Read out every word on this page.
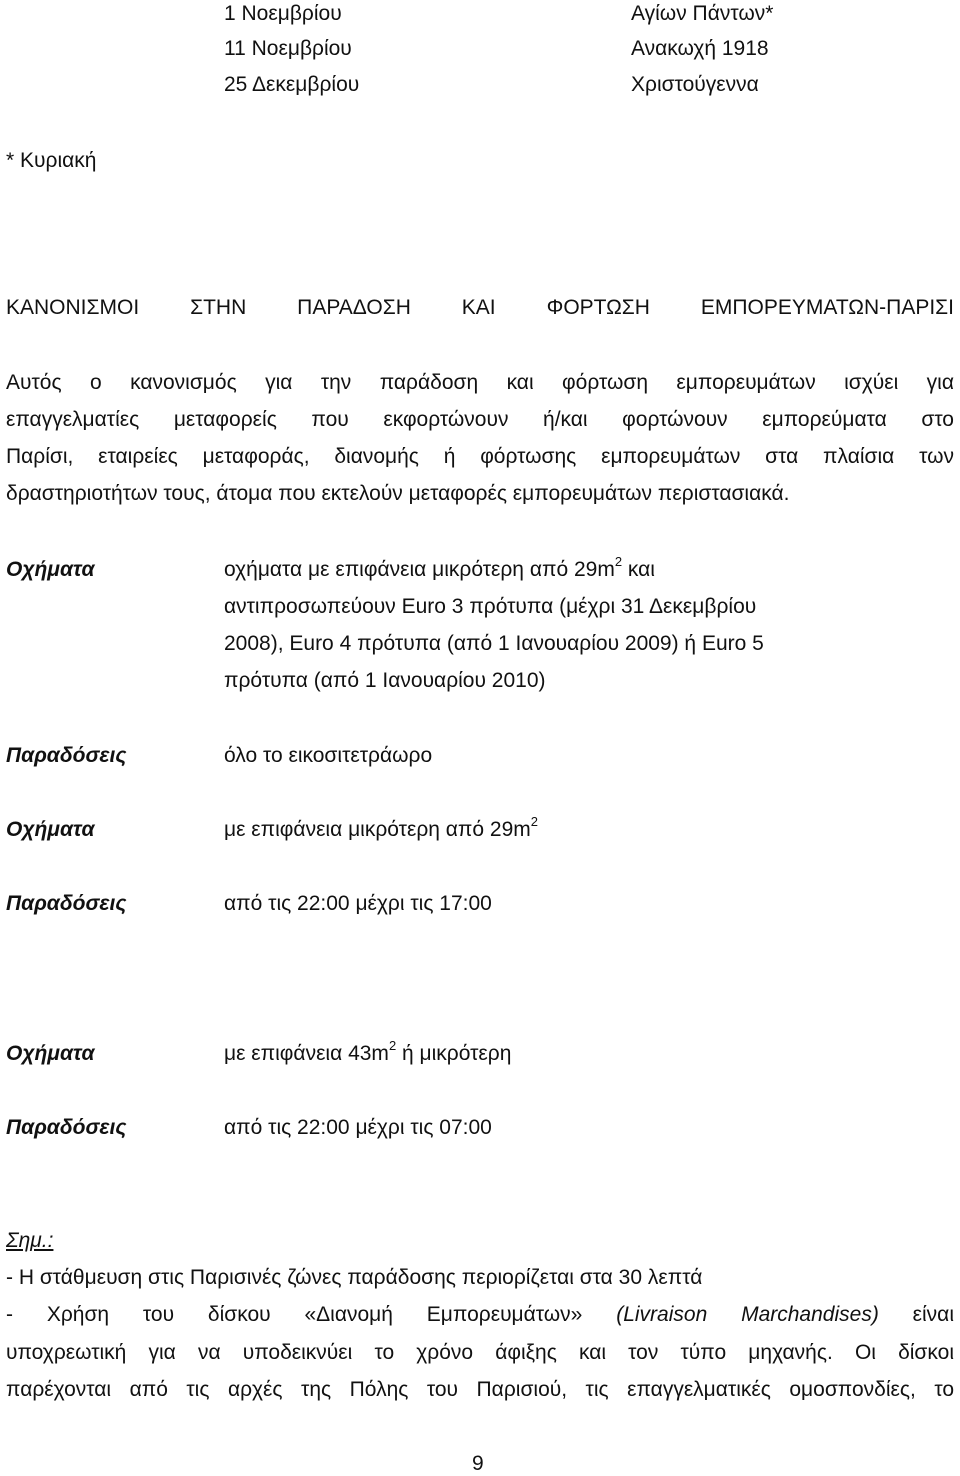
1 Νοεμβρίου	Αγίων Πάντων*
11 Νοεμβρίου	Ανακωχή 1918
25 Δεκεμβρίου	Χριστούγεννα
* Κυριακή
ΚΑΝΟΝΙΣΜΟΙ ΣΤΗΝ ΠΑΡΑΔΟΣΗ ΚΑΙ ΦΟΡΤΩΣΗ ΕΜΠΟΡΕΥΜΑΤΩΝ-ΠΑΡΙΣΙ
Αυτός ο κανονισμός για την παράδοση και φόρτωση εμπορευμάτων ισχύει για
επαγγελματίες μεταφορείς που εκφορτώνουν ή/και φορτώνουν εμπορεύματα στο
Παρίσι, εταιρείες μεταφοράς, διανομής ή φόρτωσης εμπορευμάτων στα πλαίσια των
δραστηριοτήτων τους, άτομα που εκτελούν μεταφορές εμπορευμάτων περιστασιακά.
Οχήματα	οχήματα με επιφάνεια μικρότερη από $29m^2$ και
αντιπροσωπεύουν Euro 3 πρότυπα (μέχρι 31 Δεκεμβρίου
2008), Euro 4 πρότυπα (από 1 Ιανουαρίου 2009) ή Euro 5
πρότυπα (από 1 Ιανουαρίου 2010)
Παραδόσεις	όλο το εικοσιτετράωρο
Οχήματα	με επιφάνεια μικρότερη από $29m^2$
Παραδόσεις	από τις 22:00 μέχρι τις 17:00
Οχήματα	με επιφάνεια $43m^2$ ή μικρότερη
Παραδόσεις	από τις 22:00 μέχρι τις 07:00
Σημ.:
- Η στάθμευση στις Παρισινές ζώνες παράδοσης περιορίζεται στα 30 λεπτά
- Χρήση του δίσκου «Διανομή Εμπορευμάτων» (Livraison Marchandises) είναι
υποχρεωτική για να υποδεικνύει το χρόνο άφιξης και τον τύπο μηχανής. Οι δίσκοι
παρέχονται από τις αρχές της Πόλης του Παρισιού, τις επαγγελματικές ομοσπονδίες, το
9
